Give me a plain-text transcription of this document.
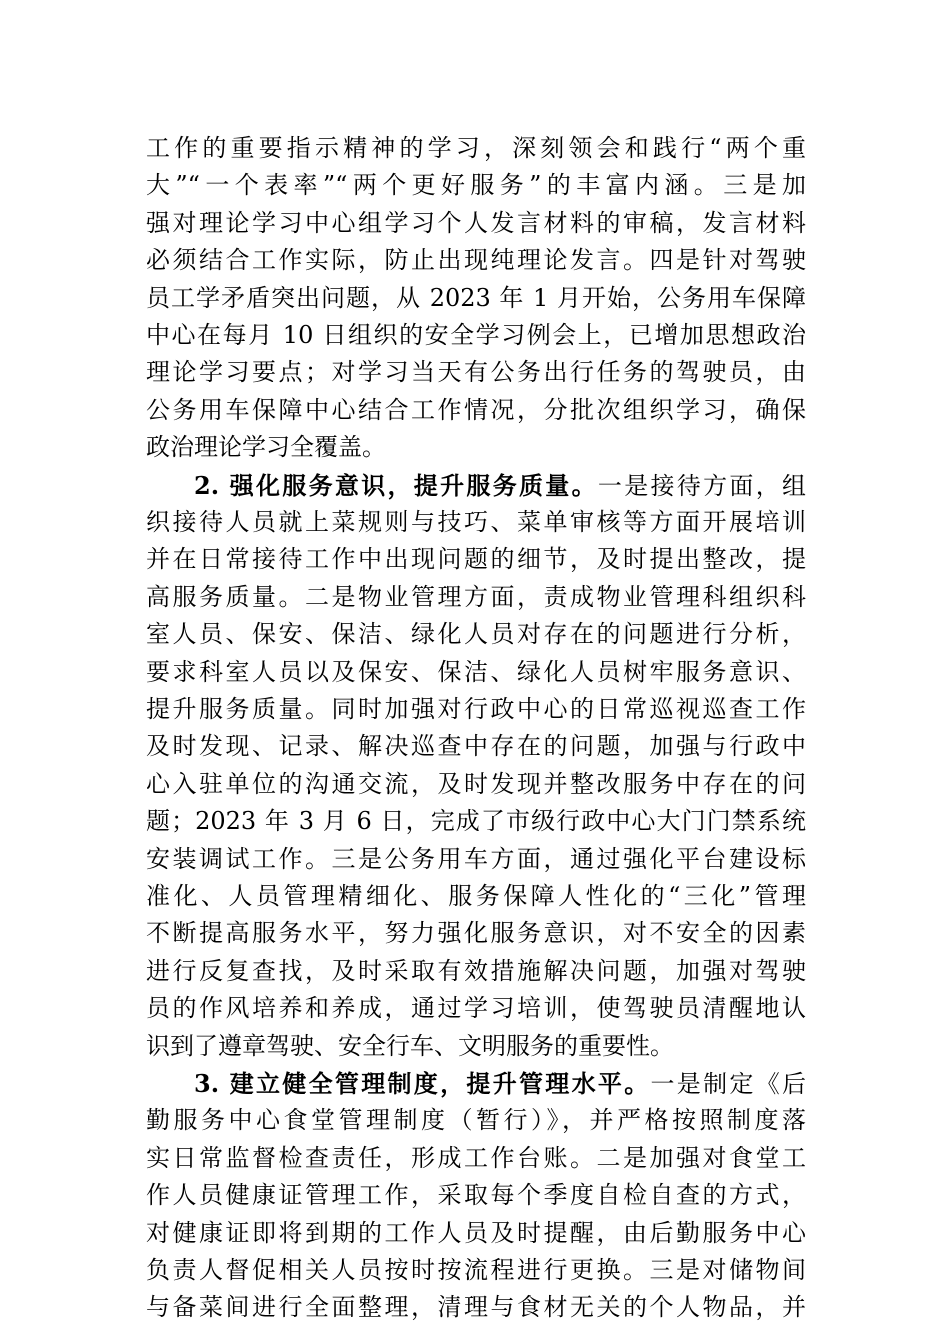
工作的重要指示精神的学习，深刻领会和践行“两个重
大”“一个表率”“两个更好服务”的丰富内涵。三是加
强对理论学习中心组学习个人发言材料的审稿，发言材料
必须结合工作实际，防止出现纯理论发言。四是针对驾驶
员工学矛盾突出问题，从 2023 年 1 月开始，公务用车保障
中心在每月 10 日组织的安全学习例会上，已增加思想政治
理论学习要点；对学习当天有公务出行任务的驾驶员，由
公务用车保障中心结合工作情况，分批次组织学习，确保
政治理论学习全覆盖。
2. 强化服务意识，提升服务质量。一是接待方面，组
织接待人员就上菜规则与技巧、菜单审核等方面开展培训
并在日常接待工作中出现问题的细节，及时提出整改，提
高服务质量。二是物业管理方面，责成物业管理科组织科
室人员、保安、保洁、绿化人员对存在的问题进行分析，
要求科室人员以及保安、保洁、绿化人员树牢服务意识、
提升服务质量。同时加强对行政中心的日常巡视巡查工作
及时发现、记录、解决巡查中存在的问题，加强与行政中
心入驻单位的沟通交流，及时发现并整改服务中存在的问
题；2023 年 3 月 6 日，完成了市级行政中心大门门禁系统
安装调试工作。三是公务用车方面，通过强化平台建设标
准化、人员管理精细化、服务保障人性化的“三化”管理
不断提高服务水平，努力强化服务意识，对不安全的因素
进行反复查找，及时采取有效措施解决问题，加强对驾驶
员的作风培养和养成，通过学习培训，使驾驶员清醒地认
识到了遵章驾驶、安全行车、文明服务的重要性。
3. 建立健全管理制度，提升管理水平。一是制定《后
勤服务中心食堂管理制度（暂行）》，并严格按照制度落
实日常监督检查责任，形成工作台账。二是加强对食堂工
作人员健康证管理工作，采取每个季度自检自查的方式，
对健康证即将到期的工作人员及时提醒，由后勤服务中心
负责人督促相关人员按时按流程进行更换。三是对储物间
与备菜间进行全面整理，清理与食材无关的个人物品，并
